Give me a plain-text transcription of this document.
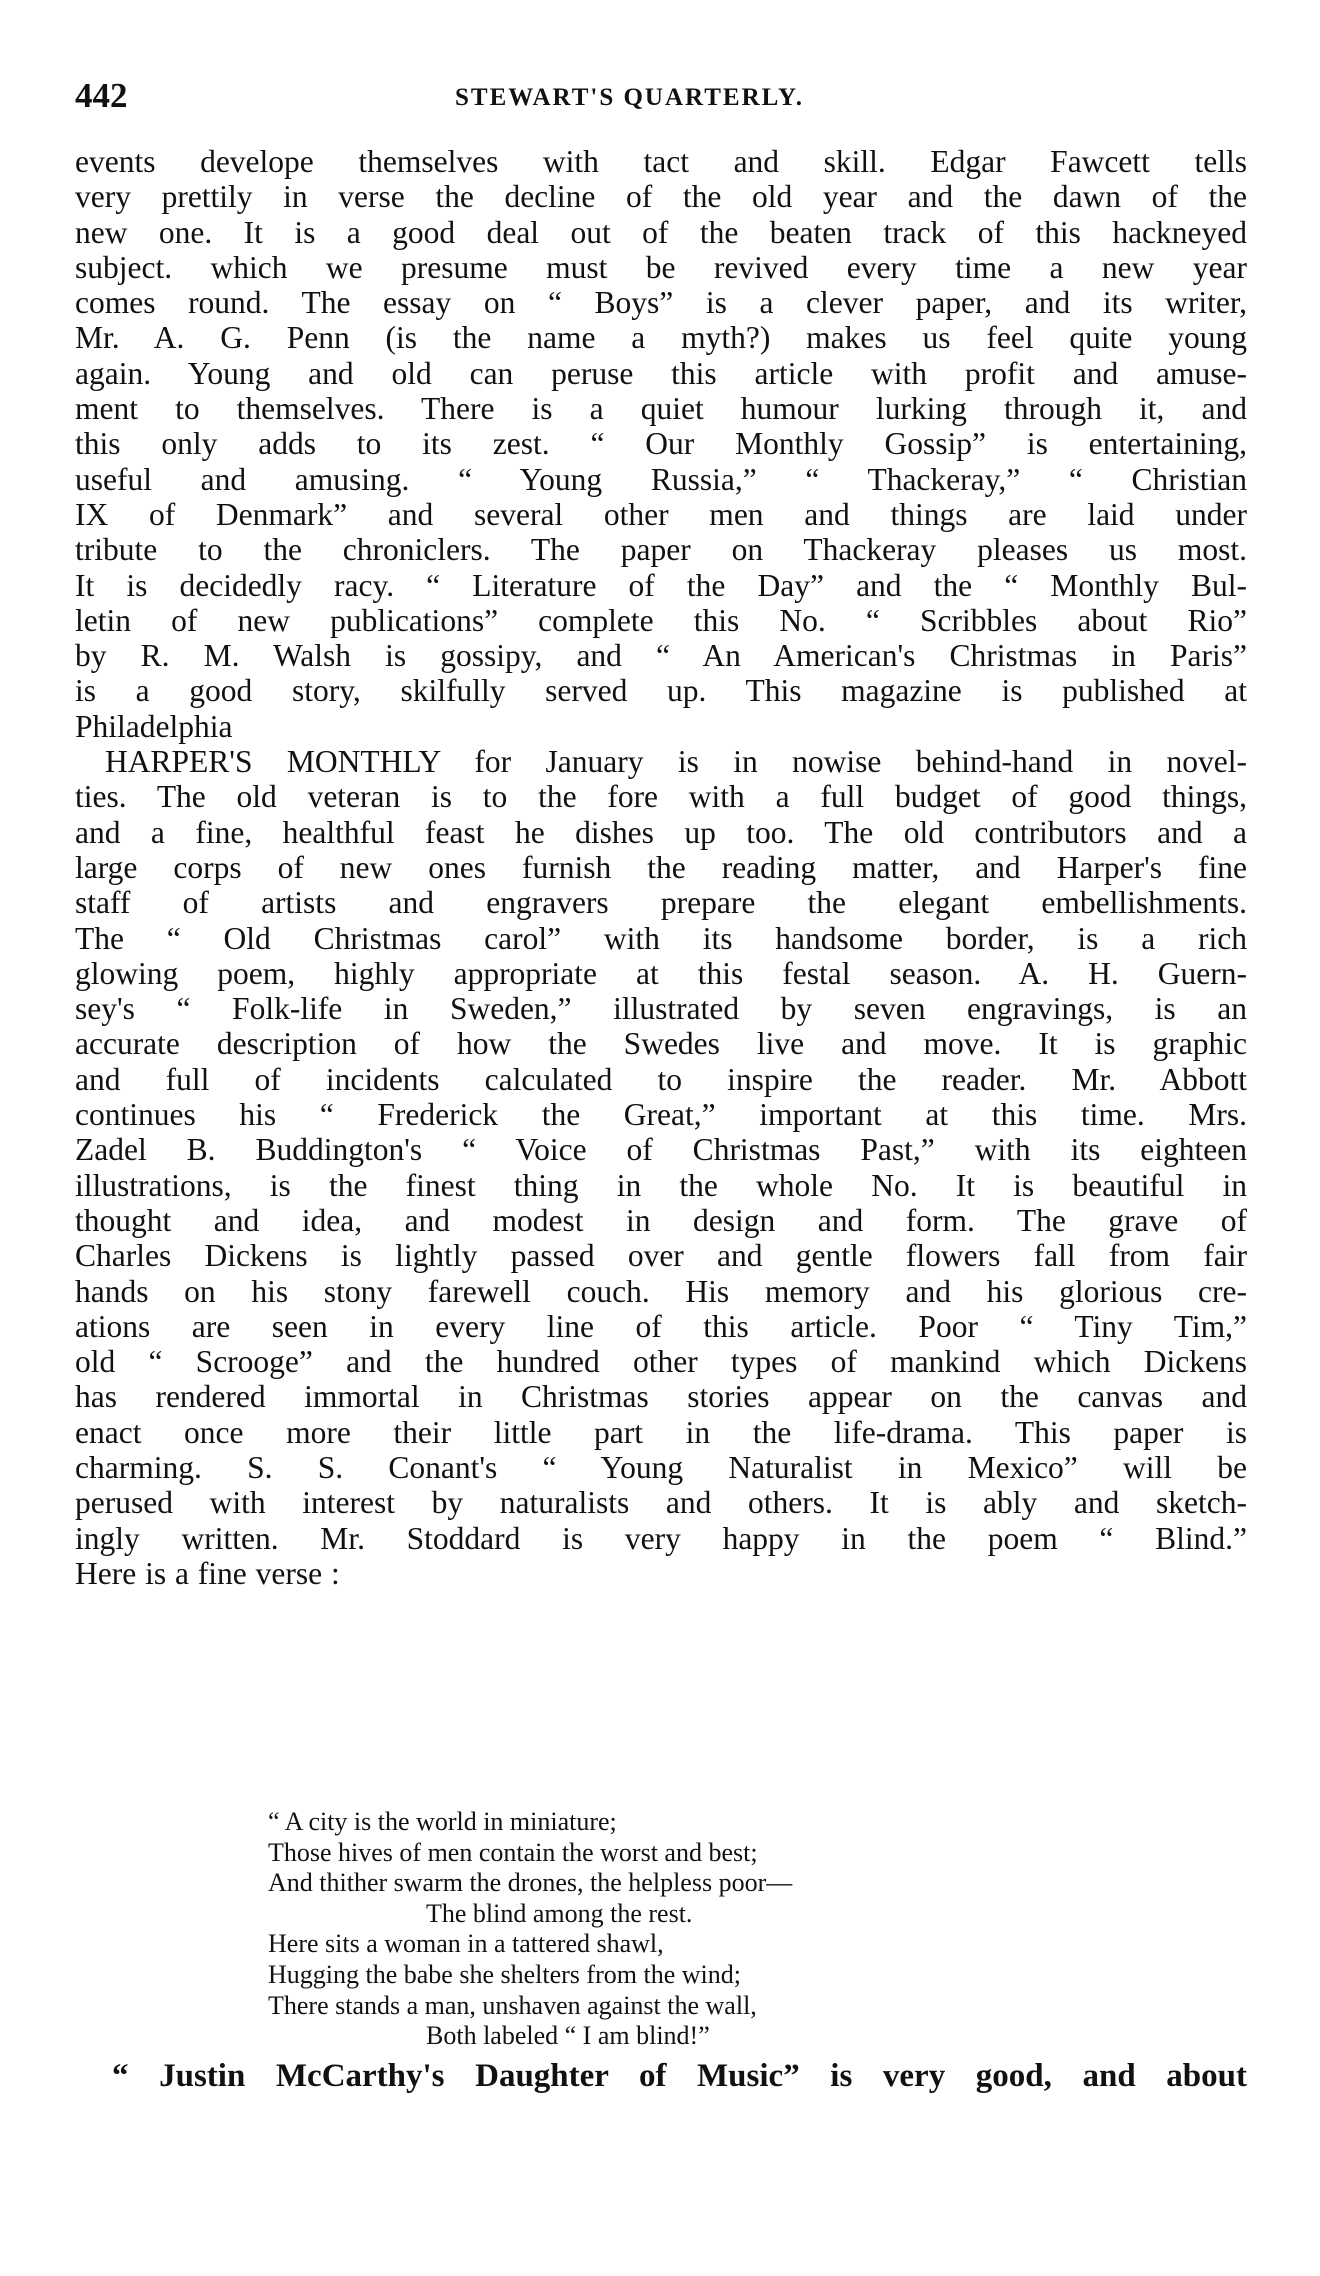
442	STEWART'S QUARTERLY.
events develope themselves with tact and skill. Edgar Fawcett tells
very prettily in verse the decline of the old year and the dawn of the
new one. It is a good deal out of the beaten track of this hackneyed
subject. which we presume must be revived every time a new year
comes round. The essay on “ Boys” is a clever paper, and its writer,
Mr. A. G. Penn (is the name a myth?) makes us feel quite young
again. Young and old can peruse this article with profit and amuse-
ment to themselves. There is a quiet humour lurking through it, and
this only adds to its zest. “ Our Monthly Gossip” is entertaining,
useful and amusing. “ Young Russia,” “ Thackeray,” “ Christian
IX of Denmark” and several other men and things are laid under
tribute to the chroniclers. The paper on Thackeray pleases us most.
It is decidedly racy. “ Literature of the Day” and the “ Monthly Bul-
letin of new publications” complete this No. “ Scribbles about Rio”
by R. M. Walsh is gossipy, and “ An American's Christmas in Paris”
is a good story, skilfully served up. This magazine is published at
Philadelphia
HARPER'S MONTHLY for January is in nowise behind-hand in novel-
ties. The old veteran is to the fore with a full budget of good things,
and a fine, healthful feast he dishes up too. The old contributors and a
large corps of new ones furnish the reading matter, and Harper's fine
staff of artists and engravers prepare the elegant embellishments.
The “ Old Christmas carol” with its handsome border, is a rich
glowing poem, highly appropriate at this festal season. A. H. Guern-
sey's “ Folk-life in Sweden,” illustrated by seven engravings, is an
accurate description of how the Swedes live and move. It is graphic
and full of incidents calculated to inspire the reader. Mr. Abbott
continues his “ Frederick the Great,” important at this time. Mrs.
Zadel B. Buddington's “ Voice of Christmas Past,” with its eighteen
illustrations, is the finest thing in the whole No. It is beautiful in
thought and idea, and modest in design and form. The grave of
Charles Dickens is lightly passed over and gentle flowers fall from fair
hands on his stony farewell couch. His memory and his glorious cre-
ations are seen in every line of this article. Poor “ Tiny Tim,”
old “ Scrooge” and the hundred other types of mankind which Dickens
has rendered immortal in Christmas stories appear on the canvas and
enact once more their little part in the life-drama. This paper is
charming. S. S. Conant's “ Young Naturalist in Mexico” will be
perused with interest by naturalists and others. It is ably and sketch-
ingly written. Mr. Stoddard is very happy in the poem “ Blind.”
Here is a fine verse :
“ A city is the world in miniature;
Those hives of men contain the worst and best;
And thither swarm the drones, the helpless poor—
The blind among the rest.
Here sits a woman in a tattered shawl,
Hugging the babe she shelters from the wind;
There stands a man, unshaven against the wall,
Both labeled “ I am blind!”
“ Justin McCarthy's Daughter of Music” is very good, and about
